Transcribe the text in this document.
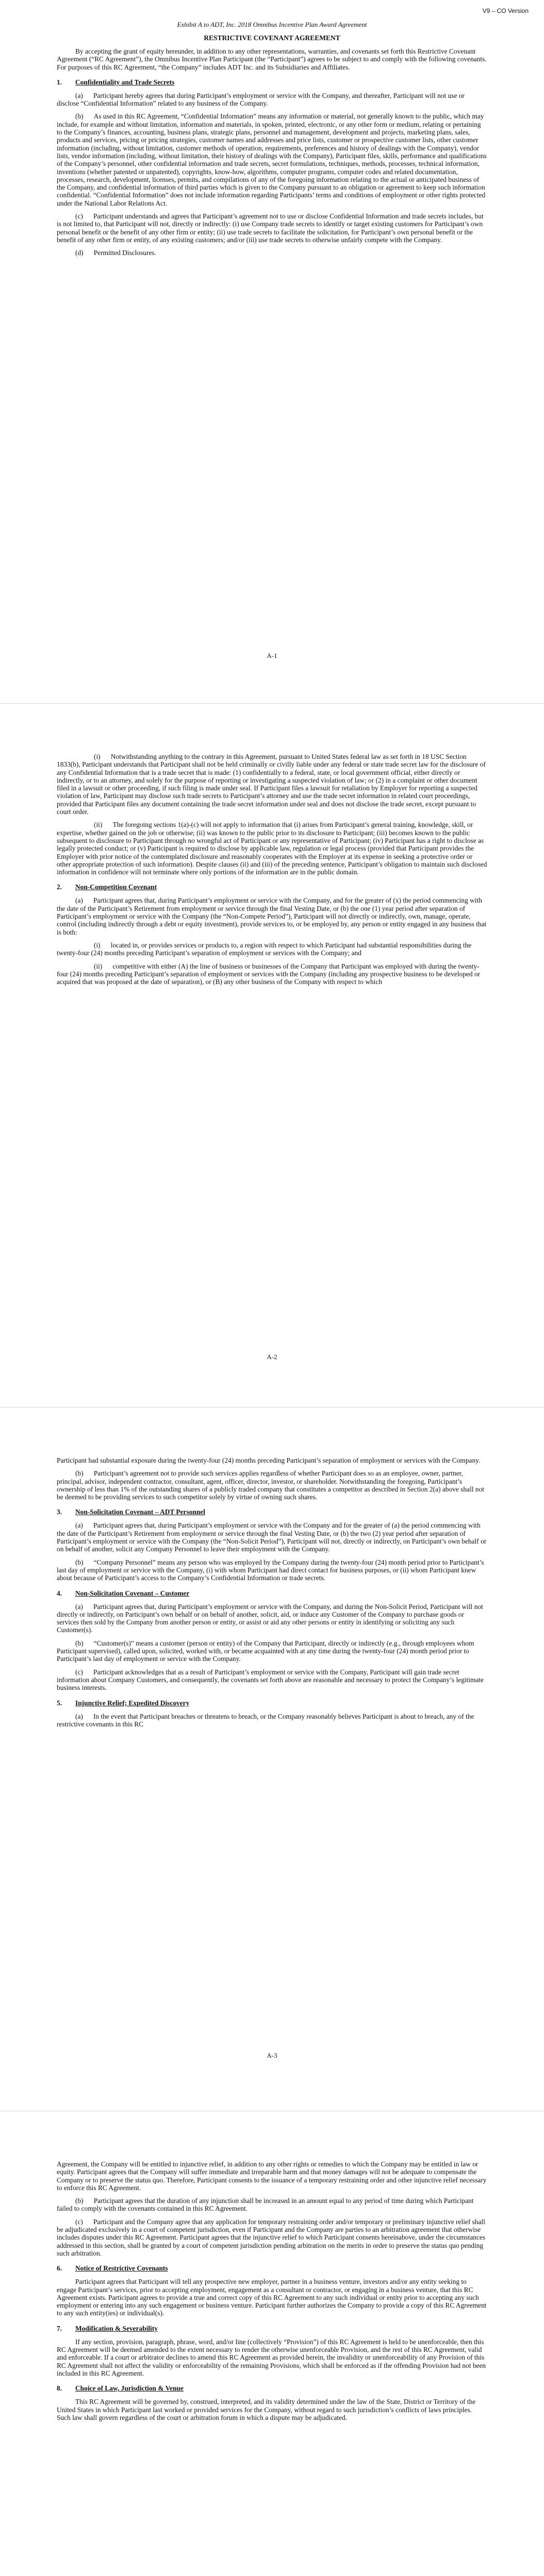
V9 – CO Version
Exhibit A to ADT, Inc. 2018 Omnibus Incentive Plan Award Agreement
RESTRICTIVE COVENANT AGREEMENT

By accepting the grant of equity hereunder, in addition to any other representations, warranties, and covenants set forth this Restrictive Covenant Agreement (“RC Agreement”), the Omnibus Incentive Plan Participant (the “Participant”) agrees to be subject to and comply with the following covenants. For purposes of this RC Agreement, “the Company” includes ADT Inc. and its Subsidiaries and Affiliates.

1.	Confidentiality and Trade Secrets

(a)      Participant hereby agrees that during Participant’s employment or service with the Company, and thereafter, Participant will not use or disclose “Confidential Information” related to any business of the Company.

(b)      As used in this RC Agreement, “Confidential Information” means any information or material, not generally known to the public, which may include, for example and without limitation, information and materials, in spoken, printed, electronic, or any other form or medium, relating or pertaining to the Company’s finances, accounting, business plans, strategic plans, personnel and management, development and projects, marketing plans, sales, products and services, pricing or pricing strategies, customer names and addresses and price lists, customer or prospective customer lists, other customer information (including, without limitation, customer methods of operation, requirements, preferences and history of dealings with the Company), vendor lists, vendor information (including, without limitation, their history of dealings with the Company), Participant files, skills, performance and qualifications of the Company’s personnel, other confidential information and trade secrets, secret formulations, techniques, methods, processes, technical information, inventions (whether patented or unpatented), copyrights, know-how, algorithms, computer programs, computer codes and related documentation, processes, research, development, licenses, permits, and compilations of any of the foregoing information relating to the actual or anticipated business of the Company, and confidential information of third parties which is given to the Company pursuant to an obligation or agreement to keep such information confidential. “Confidential Information” does not include information regarding Participants’ terms and conditions of employment or other rights protected under the National Labor Relations Act.

(c)      Participant understands and agrees that Participant’s agreement not to use or disclose Confidential Information and trade secrets includes, but is not limited to, that Participant will not, directly or indirectly: (i) use Company trade secrets to identify or target existing customers for Participant’s own personal benefit or the benefit of any other firm or entity; (ii) use trade secrets to facilitate the solicitation, for Participant’s own personal benefit or the benefit of any other firm or entity, of any existing customers; and/or (iii) use trade secrets to otherwise unfairly compete with the Company.

(d)      Permitted Disclosures.

A-1

(i)      Notwithstanding anything to the contrary in this Agreement, pursuant to United States federal law as set forth in 18 USC Section 1833(b), Participant understands that Participant shall not be held criminally or civilly liable under any federal or state trade secret law for the disclosure of any Confidential Information that is a trade secret that is made: (1) confidentially to a federal, state, or local government official, either directly or indirectly, or to an attorney, and solely for the purpose of reporting or investigating a suspected violation of law; or (2) in a complaint or other document filed in a lawsuit or other proceeding, if such filing is made under seal. If Participant files a lawsuit for retaliation by Employer for reporting a suspected violation of law, Participant may disclose such trade secrets to Participant’s attorney and use the trade secret information in related court proceedings, provided that Participant files any document containing the trade secret information under seal and does not disclose the trade secret, except pursuant to court order.

(ii)      The foregoing sections 1(a)-(c) will not apply to information that (i) arises from Participant’s general training, knowledge, skill, or expertise, whether gained on the job or otherwise; (ii) was known to the public prior to its disclosure to Participant; (iii) becomes known to the public subsequent to disclosure to Participant through no wrongful act of Participant or any representative of Participant; (iv) Participant has a right to disclose as legally protected conduct; or (v) Participant is required to disclose by applicable law, regulation or legal process (provided that Participant provides the Employer with prior notice of the contemplated disclosure and reasonably cooperates with the Employer at its expense in seeking a protective order or other appropriate protection of such information). Despite clauses (ii) and (iii) of the preceding sentence, Participant’s obligation to maintain such disclosed information in confidence will not terminate where only portions of the information are in the public domain.

2.	Non-Competition Covenant

(a)      Participant agrees that, during Participant’s employment or service with the Company, and for the greater of (x) the period commencing with the date of the Participant’s Retirement from employment or service through the final Vesting Date, or (b) the one (1) year period after separation of Participant’s employment or service with the Company (the “Non-Compete Period”), Participant will not directly or indirectly, own, manage, operate, control (including indirectly through a debt or equity investment), provide services to, or be employed by, any person or entity engaged in any business that is both:

(i)      located in, or provides services or products to, a region with respect to which Participant had substantial responsibilities during the twenty-four (24) months preceding Participant’s separation of employment or services with the Company; and

(ii)      competitive with either (A) the line of business or businesses of the Company that Participant was employed with during the twenty-four (24) months preceding Participant’s separation of employment or services with the Company (including any prospective business to be developed or acquired that was proposed at the date of separation), or (B) any other business of the Company with respect to which

A-2

Participant had substantial exposure during the twenty-four (24) months preceding Participant’s separation of employment or services with the Company.

(b)      Participant’s agreement not to provide such services applies regardless of whether Participant does so as an employee, owner, partner, principal, advisor, independent contractor, consultant, agent, officer, director, investor, or shareholder. Notwithstanding the foregoing, Participant’s ownership of less than 1% of the outstanding shares of a publicly traded company that constitutes a competitor as described in Section 2(a) above shall not be deemed to be providing services to such competitor solely by virtue of owning such shares.

3.	Non-Solicitation Covenant – ADT Personnel

(a)      Participant agrees that, during Participant’s employment or service with the Company and for the greater of (a) the period commencing with the date of the Participant’s Retirement from employment or service through the final Vesting Date, or (b) the two (2) year period after separation of Participant’s employment or service with the Company (the “Non-Solicit Period”), Participant will not, directly or indirectly, on Participant’s own behalf or on behalf of another, solicit any Company Personnel to leave their employment with the Company.

(b)      “Company Personnel” means any person who was employed by the Company during the twenty-four (24) month period prior to Participant’s last day of employment or service with the Company, (i) with whom Participant had direct contact for business purposes, or (ii) whom Participant knew about because of Participant’s access to the Company’s Confidential Information or trade secrets.

4.	Non-Solicitation Covenant – Customer

(a)      Participant agrees that, during Participant’s employment or service with the Company, and during the Non-Solicit Period, Participant will not directly or indirectly, on Participant’s own behalf or on behalf of another, solicit, aid, or induce any Customer of the Company to purchase goods or services then sold by the Company from another person or entity, or assist or aid any other persons or entity in identifying or soliciting any such Customer(s).

(b)      “Customer(s)” means a customer (person or entity) of the Company that Participant, directly or indirectly (e.g., through employees whom Participant supervised), called upon, solicited, worked with, or became acquainted with at any time during the twenty-four (24) month period prior to Participant’s last day of employment or service with the Company.

(c)      Participant acknowledges that as a result of Participant’s employment or service with the Company, Participant will gain trade secret information about Company Customers, and consequently, the covenants set forth above are reasonable and necessary to protect the Company’s legitimate business interests.

5.	Injunctive Relief; Expedited Discovery

(a)      In the event that Participant breaches or threatens to breach, or the Company reasonably believes Participant is about to breach, any of the restrictive covenants in this RC

A-3

Agreement, the Company will be entitled to injunctive relief, in addition to any other rights or remedies to which the Company may be entitled in law or equity. Participant agrees that the Company will suffer immediate and irreparable harm and that money damages will not be adequate to compensate the Company or to preserve the status quo. Therefore, Participant consents to the issuance of a temporary restraining order and other injunctive relief necessary to enforce this RC Agreement.

(b)      Participant agrees that the duration of any injunction shall be increased in an amount equal to any period of time during which Participant failed to comply with the covenants contained in this RC Agreement.

(c)      Participant and the Company agree that any application for temporary restraining order and/or temporary or preliminary injunctive relief shall be adjudicated exclusively in a court of competent jurisdiction, even if Participant and the Company are parties to an arbitration agreement that otherwise includes disputes under this RC Agreement. Participant agrees that the injunctive relief to which Participant consents hereinabove, under the circumstances addressed in this section, shall be granted by a court of competent jurisdiction pending arbitration on the merits in order to preserve the status quo pending such arbitration.

6.	Notice of Restrictive Covenants

Participant agrees that Participant will tell any prospective new employer, partner in a business venture, investors and/or any entity seeking to engage Participant’s services, prior to accepting employment, engagement as a consultant or contractor, or engaging in a business venture, that this RC Agreement exists. Participant agrees to provide a true and correct copy of this RC Agreement to any such individual or entity prior to accepting any such employment or entering into any such engagement or business venture. Participant further authorizes the Company to provide a copy of this RC Agreement to any such entity(ies) or individual(s).

7.	Modification & Severability

If any section, provision, paragraph, phrase, word, and/or line (collectively “Provision”) of this RC Agreement is held to be unenforceable, then this RC Agreement will be deemed amended to the extent necessary to render the otherwise unenforceable Provision, and the rest of this RC Agreement, valid and enforceable. If a court or arbitrator declines to amend this RC Agreement as provided herein, the invalidity or unenforceability of any Provision of this RC Agreement shall not affect the validity or enforceability of the remaining Provisions, which shall be enforced as if the offending Provision had not been included in this RC Agreement.

8.	Choice of Law, Jurisdiction & Venue

This RC Agreement will be governed by, construed, interpreted, and its validity determined under the law of the State, District or Territory of the United States in which Participant last worked or provided services for the Company, without regard to such jurisdiction’s conflicts of laws principles. Such law shall govern regardless of the court or arbitration forum in which a dispute may be adjudicated.
